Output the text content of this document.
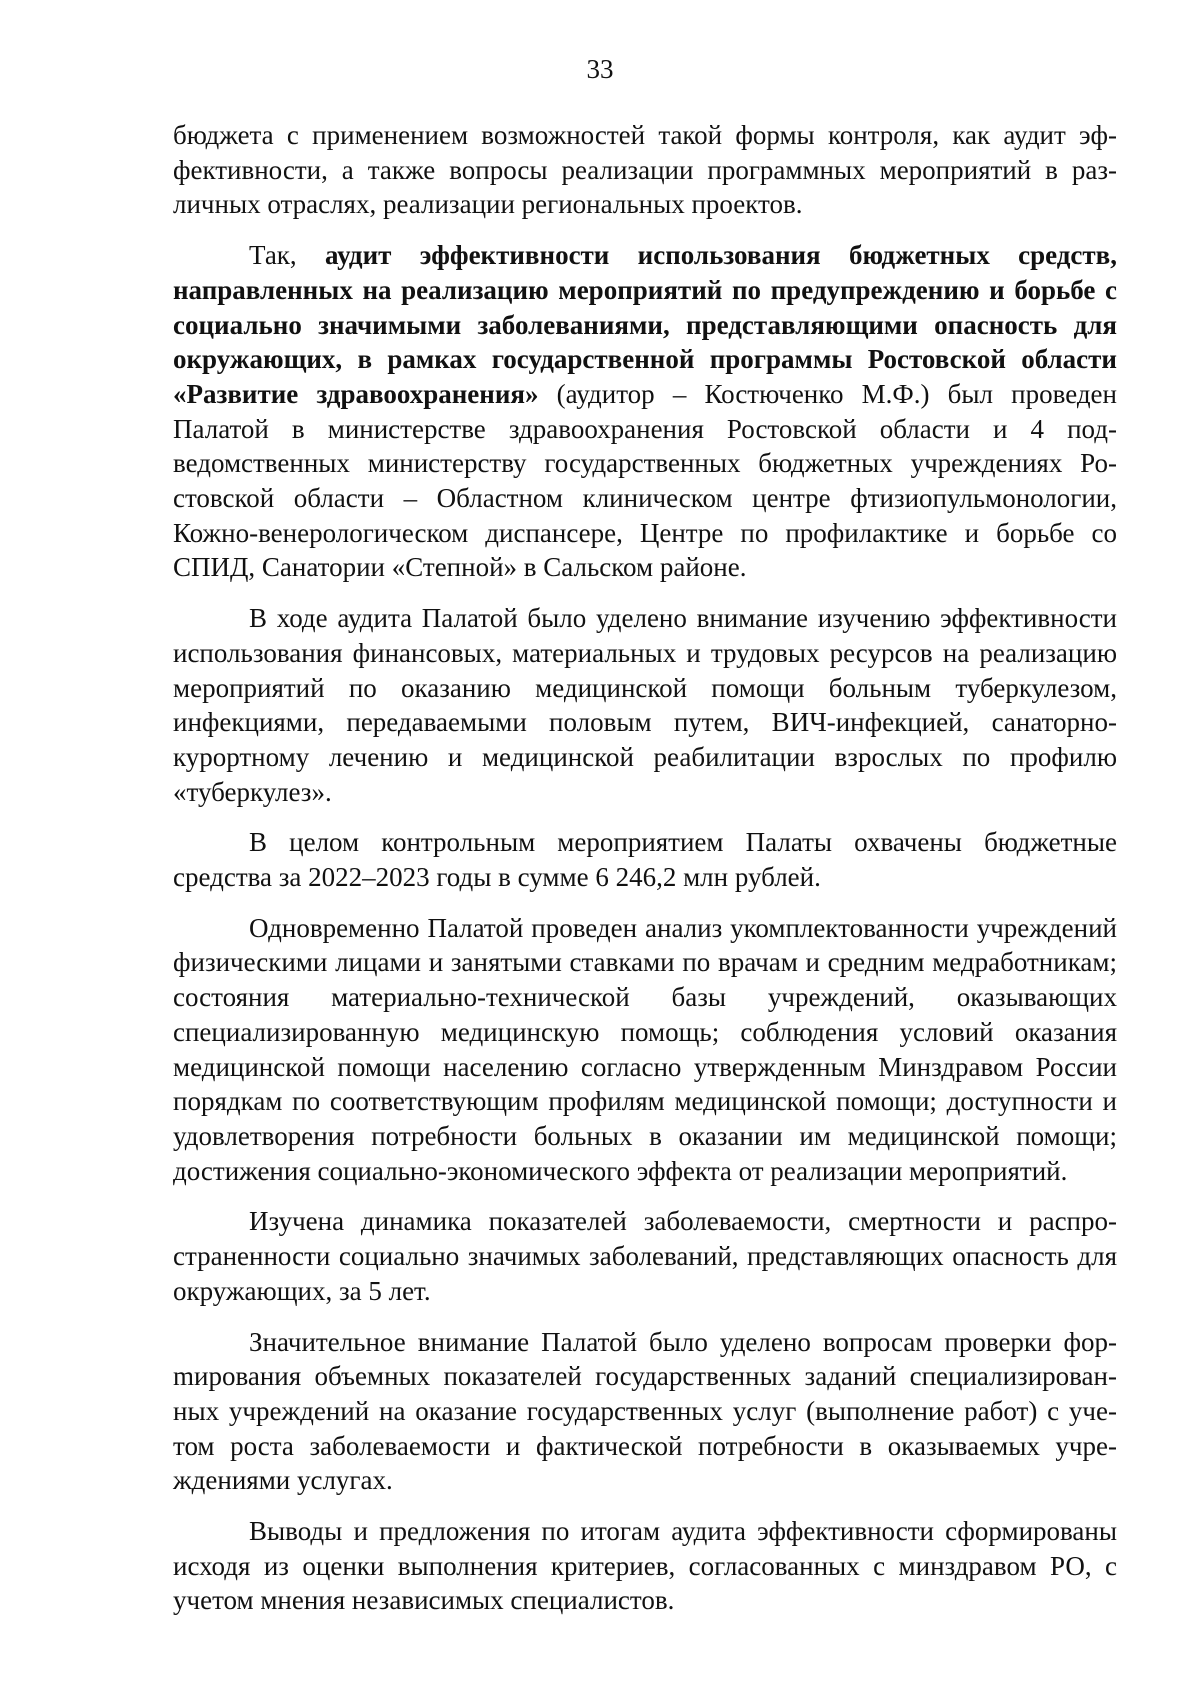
33

бюджета с применением возможностей такой формы контроля, как аудит эффективности, а также вопросы реализации программных мероприятий в различных отраслях, реализации региональных проектов.

Так, аудит эффективности использования бюджетных средств, направленных на реализацию мероприятий по предупреждению и борьбе с социально значимыми заболеваниями, представляющими опасность для окружающих, в рамках государственной программы Ростовской области «Развитие здравоохранения» (аудитор – Костюченко М.Ф.) был проведен Палатой в министерстве здравоохранения Ростовской области и 4 подведомственных министерству государственных бюджетных учреждениях Ростовской области – Областном клиническом центре фтизиопульмонологии, Кожно-венерологическом диспансере, Центре по профилактике и борьбе со СПИД, Санатории «Степной» в Сальском районе.

В ходе аудита Палатой было уделено внимание изучению эффективности использования финансовых, материальных и трудовых ресурсов на реализацию мероприятий по оказанию медицинской помощи больным туберкулезом, инфекциями, передаваемыми половым путем, ВИЧ-инфекцией, санаторно-курортному лечению и медицинской реабилитации взрослых по профилю «туберкулез».

В целом контрольным мероприятием Палаты охвачены бюджетные средства за 2022–2023 годы в сумме 6 246,2 млн рублей.

Одновременно Палатой проведен анализ укомплектованности учреждений физическими лицами и занятыми ставками по врачам и средним медработникам; состояния материально-технической базы учреждений, оказывающих специализированную медицинскую помощь; соблюдения условий оказания медицинской помощи населению согласно утвержденным Минздравом России порядкам по соответствующим профилям медицинской помощи; доступности и удовлетворения потребности больных в оказании им медицинской помощи; достижения социально-экономического эффекта от реализации мероприятий.

Изучена динамика показателей заболеваемости, смертности и распространенности социально значимых заболеваний, представляющих опасность для окружающих, за 5 лет.

Значительное внимание Палатой было уделено вопросам проверки форmирования объемных показателей государственных заданий специализированных учреждений на оказание государственных услуг (выполнение работ) с учетом роста заболеваемости и фактической потребности в оказываемых учреждениями услугах.

Выводы и предложения по итогам аудита эффективности сформированы исходя из оценки выполнения критериев, согласованных с минздравом РО, с учетом мнения независимых специалистов.
